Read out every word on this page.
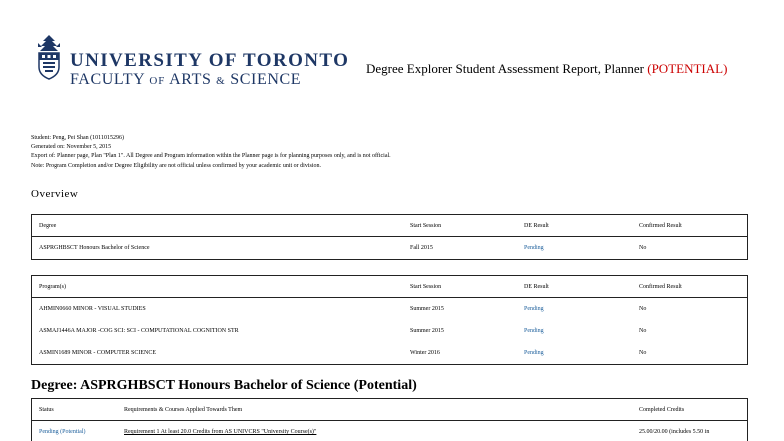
UNIVERSITY OF TORONTO
FACULTY OF ARTS & SCIENCE
Degree Explorer Student Assessment Report, Planner (POTENTIAL)
Student: Peng, Pei Shan (1011015296)
Generated on: November 5, 2015
Export of: Planner page, Plan "Plan 1". All Degree and Program information within the Planner page is for planning purposes only, and is not official.
Note: Program Completion and/or Degree Eligibility are not official unless confirmed by your academic unit or division.
Overview
Degree	Start Session	DE Result	Confirmed Result
ASPRGHBSCT Honours Bachelor of Science	Fall 2015	Pending	No
Program(s)	Start Session	DE Result	Confirmed Result
AHMIN0660 MINOR - VISUAL STUDIES	Summer 2015	Pending	No
ASMAJ1446A MAJOR -COG SCI: SCI - COMPUTATIONAL COGNITION STR	Summer 2015	Pending	No
ASMIN1689 MINOR - COMPUTER SCIENCE	Winter 2016	Pending	No
Degree: ASPRGHBSCT Honours Bachelor of Science (Potential)
Status	Requirements & Courses Applied Towards Them	Completed Credits
Pending (Potential)	Requirement 1 At least 20.0 Credits from AS UNIVCRS "University Course(s)"	25.00/20.00 (includes 5.50 in
